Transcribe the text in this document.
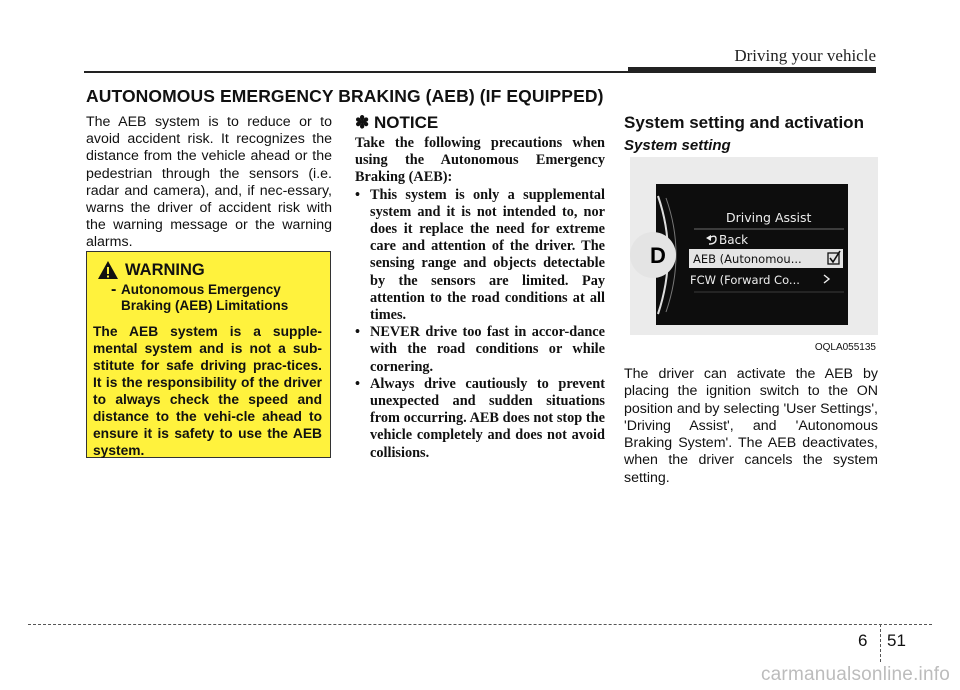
Driving your vehicle
AUTONOMOUS EMERGENCY BRAKING (AEB) (IF EQUIPPED)
The AEB system is to reduce or to avoid accident risk. It recognizes the distance from the vehicle ahead or the pedestrian through the sensors (i.e. radar and camera), and, if nec-essary, warns the driver of accident risk with the warning message or the warning alarms.
WARNING
- Autonomous Emergency Braking (AEB) Limitations
The AEB system is a supple-mental system and is not a sub-stitute for safe driving prac-tices. It is the responsibility of the driver to always check the speed and distance to the vehi-cle ahead to ensure it is safety to use the AEB system.
✽ NOTICE
Take the following precautions when using the Autonomous Emergency Braking (AEB):
• This system is only a supplemental system and it is not intended to, nor does it replace the need for extreme care and attention of the driver. The sensing range and objects detectable by the sensors are limited. Pay attention to the road conditions at all times.
• NEVER drive too fast in accor-dance with the road conditions or while cornering.
• Always drive cautiously to prevent unexpected and sudden situations from occurring. AEB does not stop the vehicle completely and does not avoid collisions.
System setting and activation
System setting
D
Driving Assist
Back
AEB (Autonomou...
FCW (Forward Co...
OQLA055135
The driver can activate the AEB by placing the ignition switch to the ON position and by selecting 'User Settings', 'Driving Assist', and 'Autonomous Braking System'. The AEB deactivates, when the driver cancels the system setting.
6 51
carmanualsonline.info
